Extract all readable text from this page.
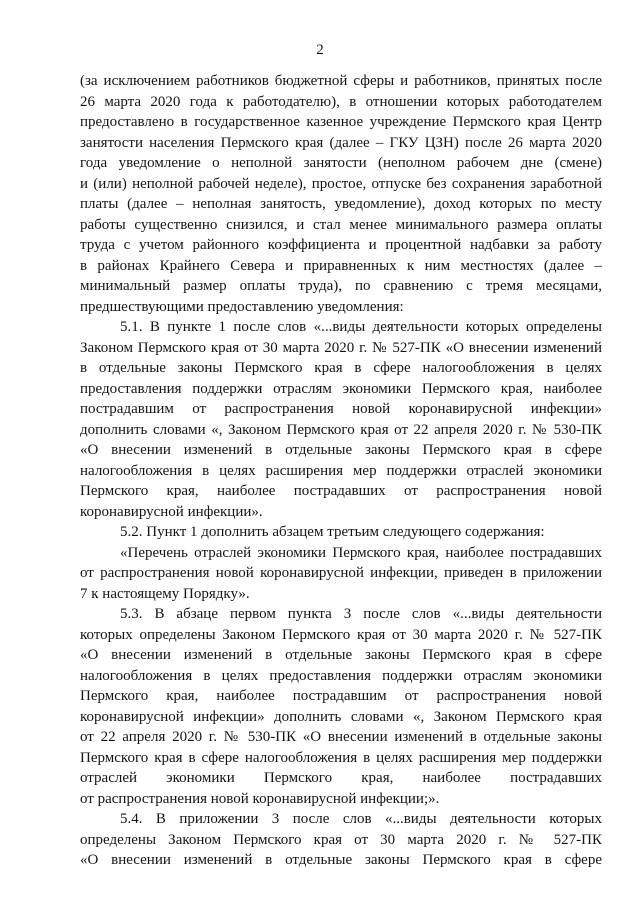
2
(за исключением работников бюджетной сферы и работников, принятых после
26 марта 2020 года к работодателю), в отношении которых работодателем
предоставлено в государственное казенное учреждение Пермского края Центр
занятости населения Пермского края (далее – ГКУ ЦЗН) после 26 марта 2020
года уведомление о неполной занятости (неполном рабочем дне (смене)
и (или) неполной рабочей неделе), простое, отпуске без сохранения заработной
платы (далее – неполная занятость, уведомление), доход которых по месту
работы существенно снизился, и стал менее минимального размера оплаты
труда с учетом районного коэффициента и процентной надбавки за работу
в районах Крайнего Севера и приравненных к ним местностях (далее –
минимальный размер оплаты труда), по сравнению с тремя месяцами,
предшествующими предоставлению уведомления:
5.1. В пункте 1 после слов «...виды деятельности которых определены
Законом Пермского края от 30 марта 2020 г. № 527-ПК «О внесении изменений
в отдельные законы Пермского края в сфере налогообложения в целях
предоставления поддержки отраслям экономики Пермского края, наиболее
пострадавшим от распространения новой коронавирусной инфекции»
дополнить словами «, Законом Пермского края от 22 апреля 2020 г. № 530-ПК
«О внесении изменений в отдельные законы Пермского края в сфере
налогообложения в целях расширения мер поддержки отраслей экономики
Пермского края, наиболее пострадавших от распространения новой
коронавирусной инфекции».
5.2. Пункт 1 дополнить абзацем третьим следующего содержания:
«Перечень отраслей экономики Пермского края, наиболее пострадавших
от распространения новой коронавирусной инфекции, приведен в приложении
7 к настоящему Порядку».
5.3. В абзаце первом пункта 3 после слов «...виды деятельности
которых определены Законом Пермского края от 30 марта 2020 г. № 527-ПК
«О внесении изменений в отдельные законы Пермского края в сфере
налогообложения в целях предоставления поддержки отраслям экономики
Пермского края, наиболее пострадавшим от распространения новой
коронавирусной инфекции» дополнить словами «, Законом Пермского края
от 22 апреля 2020 г. № 530-ПК «О внесении изменений в отдельные законы
Пермского края в сфере налогообложения в целях расширения мер поддержки
отраслей экономики Пермского края, наиболее пострадавших
от распространения новой коронавирусной инфекции;».
5.4. В приложении 3 после слов «...виды деятельности которых
определены Законом Пермского края от 30 марта 2020 г. № 527-ПК
«О внесении изменений в отдельные законы Пермского края в сфере
